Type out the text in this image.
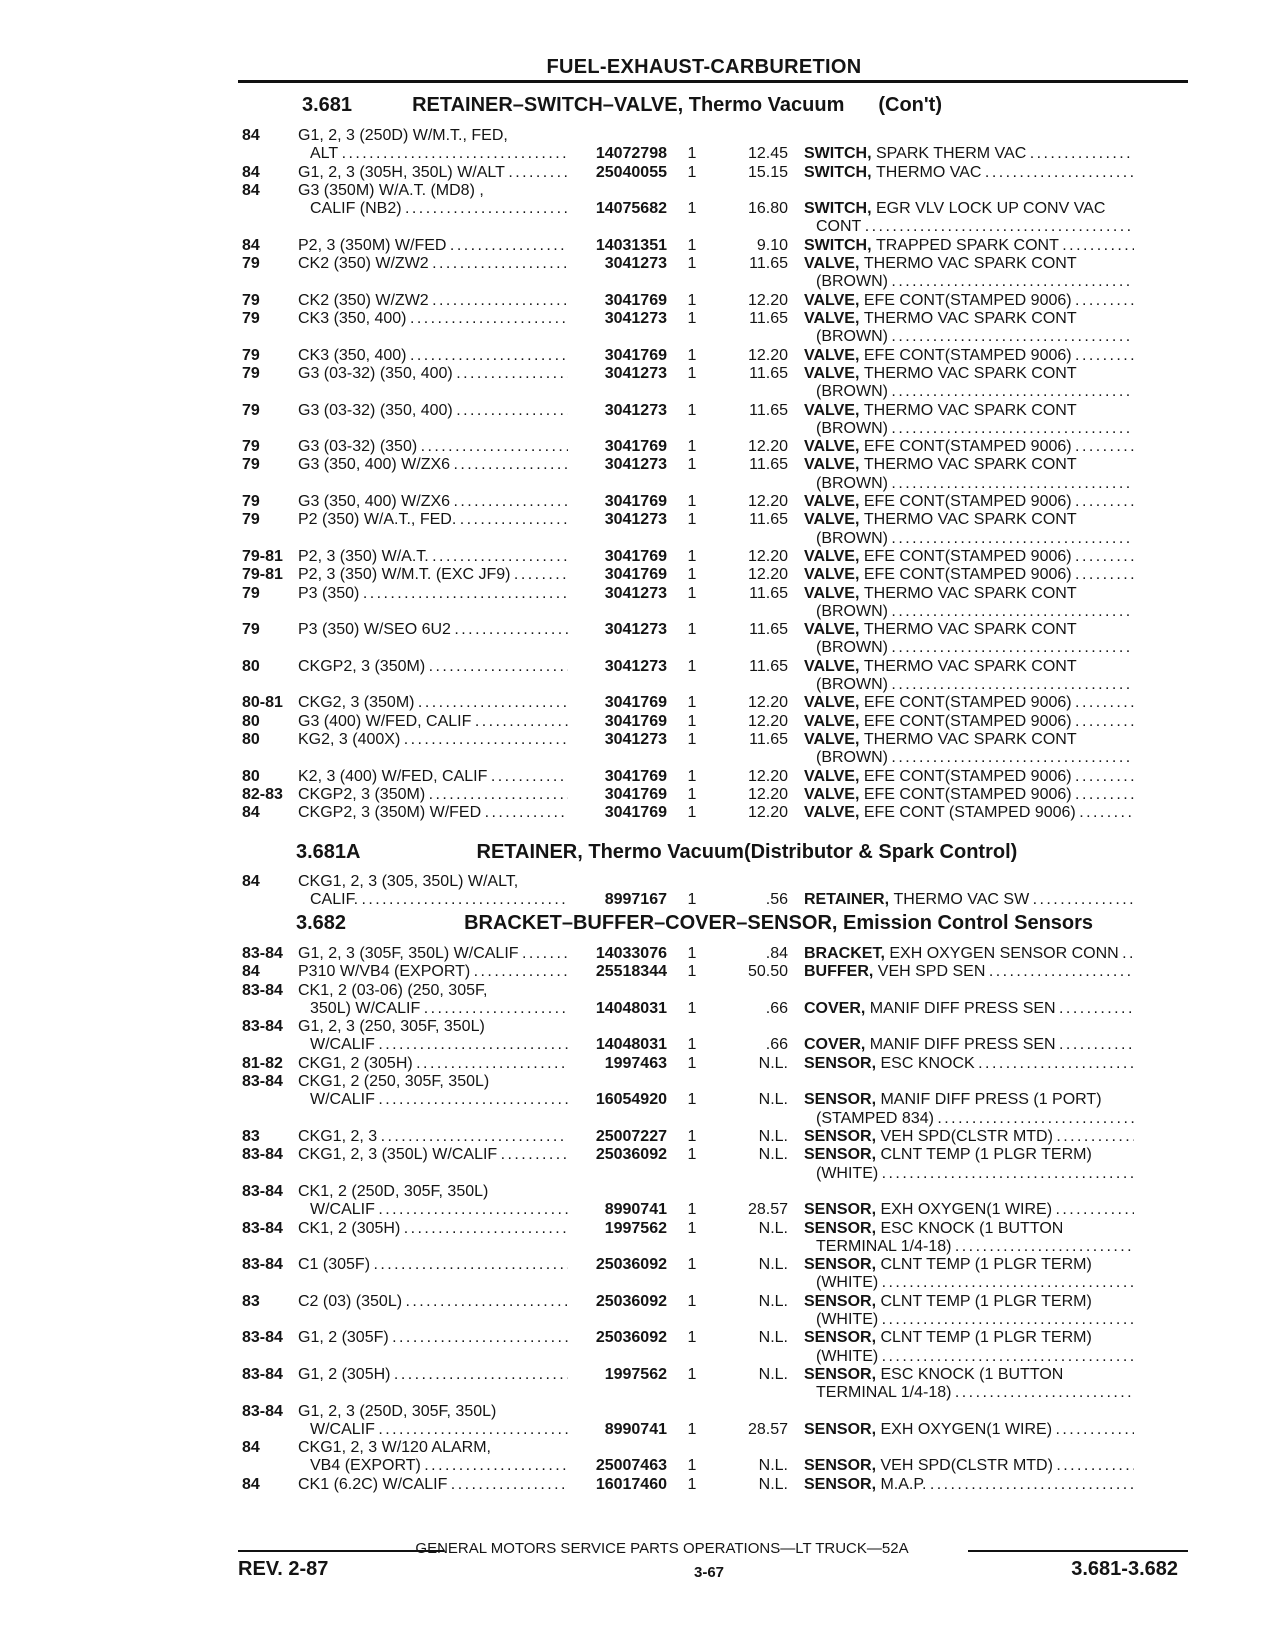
FUEL-EXHAUST-CARBURETION
3.681	RETAINER–SWITCH–VALVE, Thermo Vacuum (Con't)
84 G1, 2, 3 (250D) W/M.T., FED,
ALT . . .	14072798	1	12.45 SWITCH, SPARK THERM VAC . . .
84 G1, 2, 3 (305H, 350L) W/ALT . . .	25040055	1	15.15 SWITCH, THERMO VAC . . .
84 G3 (350M) W/A.T. (MD8) ,
CALIF (NB2) . . .	14075682	1	16.80 SWITCH, EGR VLV LOCK UP CONV VAC
CONT . . .
84 P2, 3 (350M) W/FED . . .	14031351	1	9.10 SWITCH, TRAPPED SPARK CONT . . .
79 CK2 (350) W/ZW2 . . .	3041273	1	11.65 VALVE, THERMO VAC SPARK CONT
(BROWN) . . .
79 CK2 (350) W/ZW2 . . .	3041769	1	12.20 VALVE, EFE CONT(STAMPED 9006) . . .
79 CK3 (350, 400) . . .	3041273	1	11.65 VALVE, THERMO VAC SPARK CONT
(BROWN) . . .
79 CK3 (350, 400) . . .	3041769	1	12.20 VALVE, EFE CONT(STAMPED 9006) . . .
79 G3 (03-32) (350, 400) . . .	3041273	1	11.65 VALVE, THERMO VAC SPARK CONT
(BROWN) . . .
79 G3 (03-32) (350, 400) . . .	3041273	1	11.65 VALVE, THERMO VAC SPARK CONT
(BROWN) . . .
79 G3 (03-32) (350) . . .	3041769	1	12.20 VALVE, EFE CONT(STAMPED 9006) . . .
79 G3 (350, 400) W/ZX6 . . .	3041273	1	11.65 VALVE, THERMO VAC SPARK CONT
(BROWN) . . .
79 G3 (350, 400) W/ZX6 . . .	3041769	1	12.20 VALVE, EFE CONT(STAMPED 9006) . . .
79 P2 (350) W/A.T., FED. . . .	3041273	1	11.65 VALVE, THERMO VAC SPARK CONT
(BROWN) . . .
79-81 P2, 3 (350) W/A.T. . . .	3041769	1	12.20 VALVE, EFE CONT(STAMPED 9006) . . .
79-81 P2, 3 (350) W/M.T. (EXC JF9) . . .	3041769	1	12.20 VALVE, EFE CONT(STAMPED 9006) . . .
79 P3 (350) . . .	3041273	1	11.65 VALVE, THERMO VAC SPARK CONT
(BROWN) . . .
79 P3 (350) W/SEO 6U2 . . .	3041273	1	11.65 VALVE, THERMO VAC SPARK CONT
(BROWN) . . .
80 CKGP2, 3 (350M) . . .	3041273	1	11.65 VALVE, THERMO VAC SPARK CONT
(BROWN) . . .
80-81 CKG2, 3 (350M) . . .	3041769	1	12.20 VALVE, EFE CONT(STAMPED 9006) . . .
80 G3 (400) W/FED, CALIF . . .	3041769	1	12.20 VALVE, EFE CONT(STAMPED 9006) . . .
80 KG2, 3 (400X) . . .	3041273	1	11.65 VALVE, THERMO VAC SPARK CONT
(BROWN) . . .
80 K2, 3 (400) W/FED, CALIF . . .	3041769	1	12.20 VALVE, EFE CONT(STAMPED 9006) . . .
82-83 CKGP2, 3 (350M) . . .	3041769	1	12.20 VALVE, EFE CONT(STAMPED 9006) . . .
84 CKGP2, 3 (350M) W/FED . . .	3041769	1	12.20 VALVE, EFE CONT (STAMPED 9006) . . .
3.681A	RETAINER, Thermo Vacuum(Distributor & Spark Control)
84 CKG1, 2, 3 (305, 350L) W/ALT,
CALIF. . . .	8997167	1	.56 RETAINER, THERMO VAC SW . . .
3.682	BRACKET–BUFFER–COVER–SENSOR, Emission Control Sensors
83-84 G1, 2, 3 (305F, 350L) W/CALIF . . .	14033076	1	.84 BRACKET, EXH OXYGEN SENSOR CONN . . .
84 P310 W/VB4 (EXPORT) . . .	25518344	1	50.50 BUFFER, VEH SPD SEN . . .
83-84 CK1, 2 (03-06) (250, 305F,
350L) W/CALIF . . .	14048031	1	.66 COVER, MANIF DIFF PRESS SEN . . .
83-84 G1, 2, 3 (250, 305F, 350L)
W/CALIF . . .	14048031	1	.66 COVER, MANIF DIFF PRESS SEN . . .
81-82 CKG1, 2 (305H) . . .	1997463	1	N.L. SENSOR, ESC KNOCK . . .
83-84 CKG1, 2 (250, 305F, 350L)
W/CALIF . . .	16054920	1	N.L. SENSOR, MANIF DIFF PRESS (1 PORT)
(STAMPED 834) . . .
83 CKG1, 2, 3 . . .	25007227	1	N.L. SENSOR, VEH SPD(CLSTR MTD) . . .
83-84 CKG1, 2, 3 (350L) W/CALIF . . .	25036092	1	N.L. SENSOR, CLNT TEMP (1 PLGR TERM)
(WHITE) . . .
83-84 CK1, 2 (250D, 305F, 350L)
W/CALIF . . .	8990741	1	28.57 SENSOR, EXH OXYGEN(1 WIRE) . . .
83-84 CK1, 2 (305H) . . .	1997562	1	N.L. SENSOR, ESC KNOCK (1 BUTTON
TERMINAL 1/4-18) . . .
83-84 C1 (305F) . . .	25036092	1	N.L. SENSOR, CLNT TEMP (1 PLGR TERM)
(WHITE) . . .
83 C2 (03) (350L) . . .	25036092	1	N.L. SENSOR, CLNT TEMP (1 PLGR TERM)
(WHITE) . . .
83-84 G1, 2 (305F) . . .	25036092	1	N.L. SENSOR, CLNT TEMP (1 PLGR TERM)
(WHITE) . . .
83-84 G1, 2 (305H) . . .	1997562	1	N.L. SENSOR, ESC KNOCK (1 BUTTON
TERMINAL 1/4-18) . . .
83-84 G1, 2, 3 (250D, 305F, 350L)
W/CALIF . . .	8990741	1	28.57 SENSOR, EXH OXYGEN(1 WIRE) . . .
84 CKG1, 2, 3 W/120 ALARM,
VB4 (EXPORT) . . .	25007463	1	N.L. SENSOR, VEH SPD(CLSTR MTD) . . .
84 CK1 (6.2C) W/CALIF . . .	16017460	1	N.L. SENSOR, M.A.P. . . .
GENERAL MOTORS SERVICE PARTS OPERATIONS—LT TRUCK—52A
REV. 2-87	3-67	3.681-3.682
